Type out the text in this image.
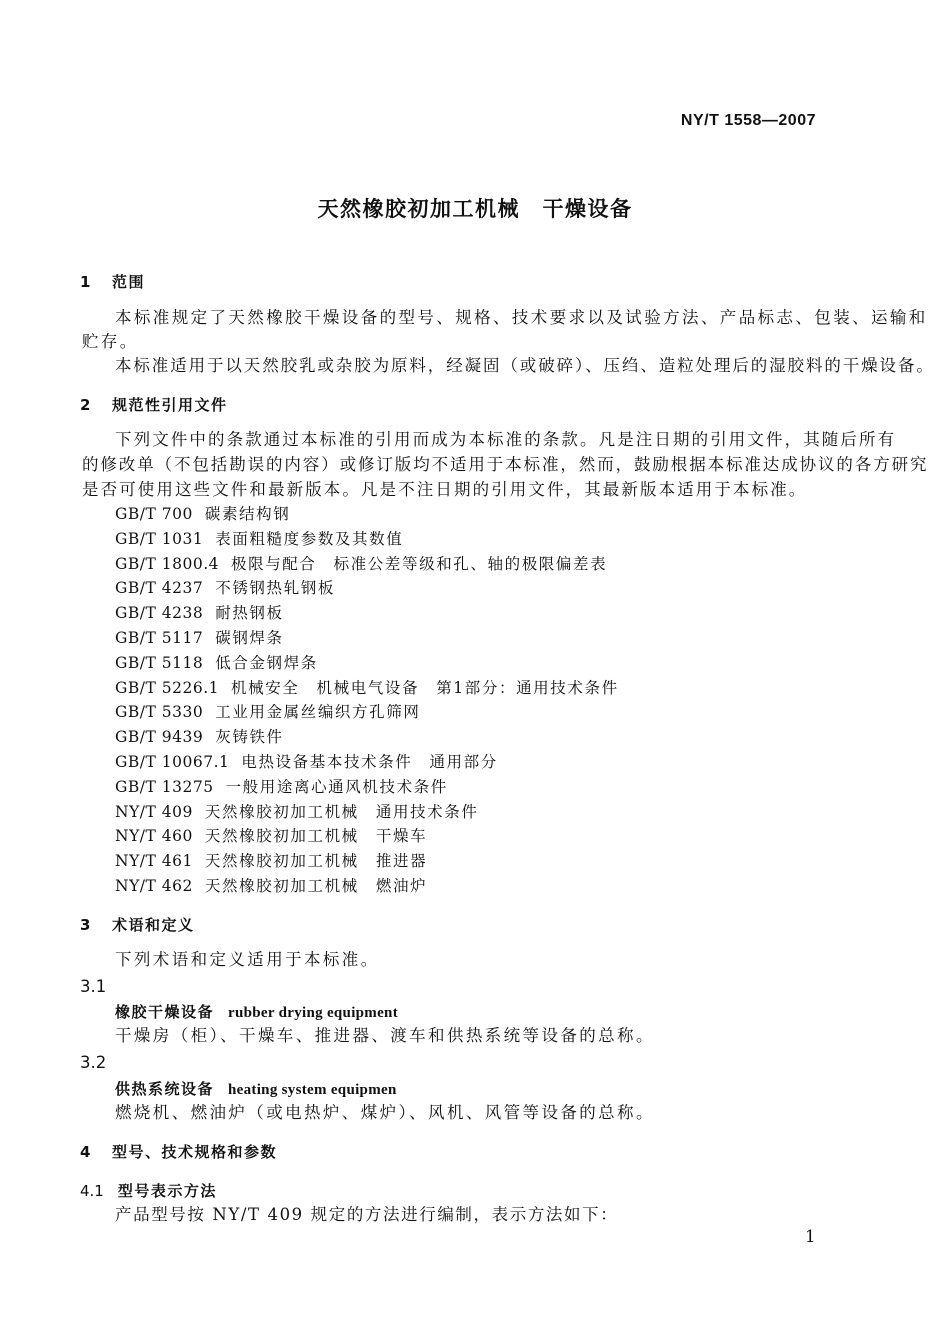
NY/T 1558—2007
天然橡胶初加工机械　干燥设备
1 范围
本标准规定了天然橡胶干燥设备的型号、规格、技术要求以及试验方法、产品标志、包装、运输和
贮存。
本标准适用于以天然胶乳或杂胶为原料，经凝固（或破碎）、压绉、造粒处理后的湿胶料的干燥设备。
2 规范性引用文件
下列文件中的条款通过本标准的引用而成为本标准的条款。凡是注日期的引用文件，其随后所有
的修改单（不包括勘误的内容）或修订版均不适用于本标准，然而，鼓励根据本标准达成协议的各方研究
是否可使用这些文件和最新版本。凡是不注日期的引用文件，其最新版本适用于本标准。
GB/T 700 碳素结构钢
GB/T 1031 表面粗糙度参数及其数值
GB/T 1800.4 极限与配合　标准公差等级和孔、轴的极限偏差表
GB/T 4237 不锈钢热轧钢板
GB/T 4238 耐热钢板
GB/T 5117 碳钢焊条
GB/T 5118 低合金钢焊条
GB/T 5226.1 机械安全　机械电气设备　第1部分：通用技术条件
GB/T 5330 工业用金属丝编织方孔筛网
GB/T 9439 灰铸铁件
GB/T 10067.1 电热设备基本技术条件　通用部分
GB/T 13275 一般用途离心通风机技术条件
NY/T 409 天然橡胶初加工机械　通用技术条件
NY/T 460 天然橡胶初加工机械　干燥车
NY/T 461 天然橡胶初加工机械　推进器
NY/T 462 天然橡胶初加工机械　燃油炉
3 术语和定义
下列术语和定义适用于本标准。
3.1
橡胶干燥设备 rubber drying equipment
干燥房（柜）、干燥车、推进器、渡车和供热系统等设备的总称。
3.2
供热系统设备 heating system equipmen
燃烧机、燃油炉（或电热炉、煤炉）、风机、风管等设备的总称。
4 型号、技术规格和参数
4.1 型号表示方法
产品型号按 NY/T 409 规定的方法进行编制，表示方法如下：
1
